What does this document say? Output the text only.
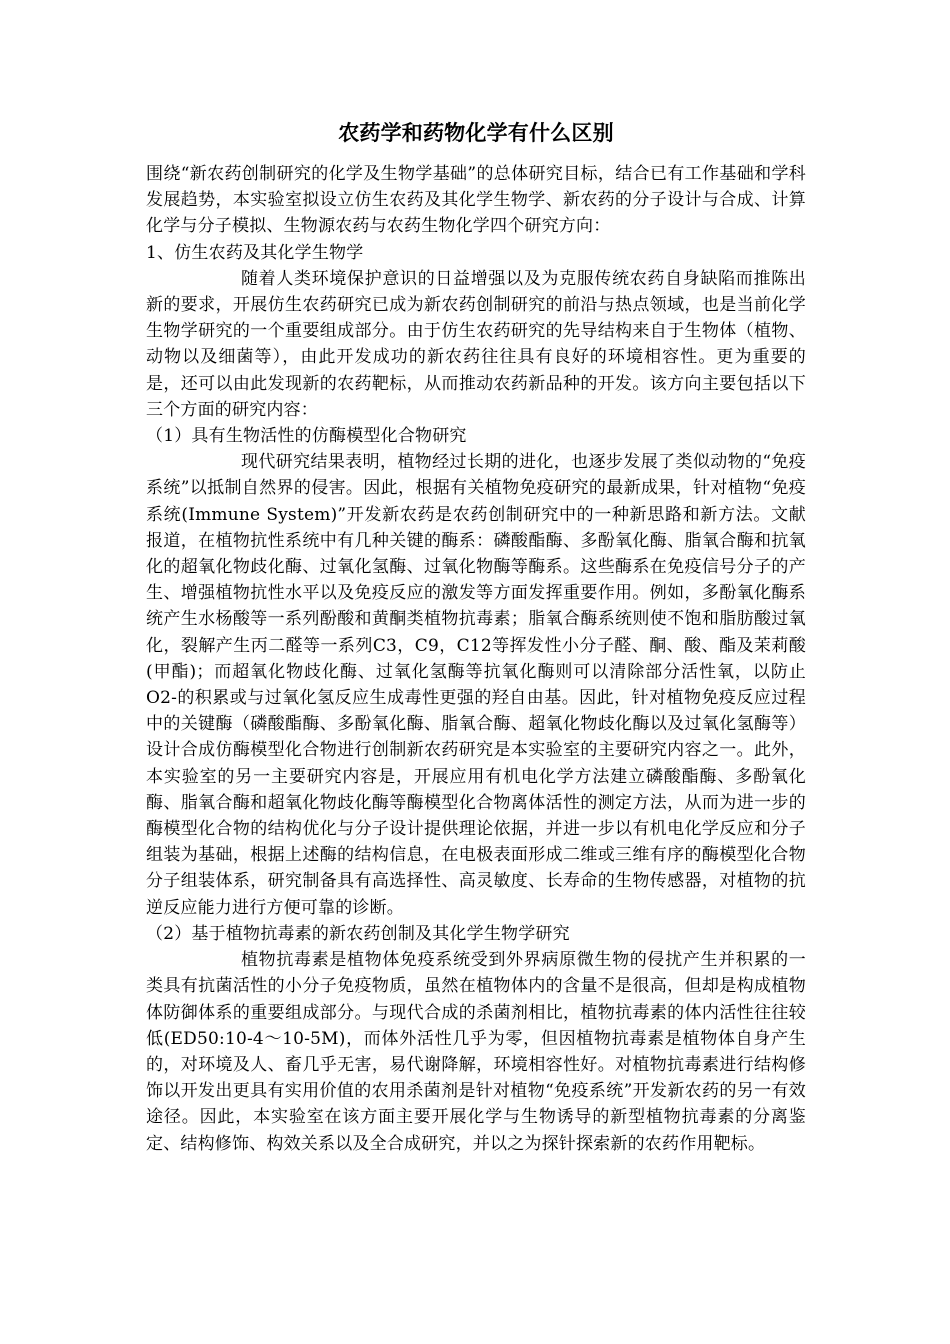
农药学和药物化学有什么区别

围绕“新农药创制研究的化学及生物学基础”的总体研究目标，结合已有工作基础和学科发展趋势，本实验室拟设立仿生农药及其化学生物学、新农药的分子设计与合成、计算化学与分子模拟、生物源农药与农药生物化学四个研究方向：

1、仿生农药及其化学生物学

随着人类环境保护意识的日益增强以及为克服传统农药自身缺陷而推陈出新的要求，开展仿生农药研究已成为新农药创制研究的前沿与热点领域，也是当前化学生物学研究的一个重要组成部分。由于仿生农药研究的先导结构来自于生物体（植物、动物以及细菌等），由此开发成功的新农药往往具有良好的环境相容性。更为重要的是，还可以由此发现新的农药靶标，从而推动农药新品种的开发。该方向主要包括以下三个方面的研究内容：

（1）具有生物活性的仿酶模型化合物研究

现代研究结果表明，植物经过长期的进化，也逐步发展了类似动物的“免疫系统”以抵制自然界的侵害。因此，根据有关植物免疫研究的最新成果，针对植物“免疫系统(Immune System)”开发新农药是农药创制研究中的一种新思路和新方法。文献报道，在植物抗性系统中有几种关键的酶系：磷酸酯酶、多酚氧化酶、脂氧合酶和抗氧化的超氧化物歧化酶、过氧化氢酶、过氧化物酶等酶系。这些酶系在免疫信号分子的产生、增强植物抗性水平以及免疫反应的激发等方面发挥重要作用。例如，多酚氧化酶系统产生水杨酸等一系列酚酸和黄酮类植物抗毒素；脂氧合酶系统则使不饱和脂肪酸过氧化，裂解产生丙二醛等一系列C3，C9，C12等挥发性小分子醛、酮、酸、酯及茉莉酸(甲酯)；而超氧化物歧化酶、过氧化氢酶等抗氧化酶则可以清除部分活性氧，以防止O2-的积累或与过氧化氢反应生成毒性更强的羟自由基。因此，针对植物免疫反应过程中的关键酶（磷酸酯酶、多酚氧化酶、脂氧合酶、超氧化物歧化酶以及过氧化氢酶等）设计合成仿酶模型化合物进行创制新农药研究是本实验室的主要研究内容之一。此外，本实验室的另一主要研究内容是，开展应用有机电化学方法建立磷酸酯酶、多酚氧化酶、脂氧合酶和超氧化物歧化酶等酶模型化合物离体活性的测定方法，从而为进一步的酶模型化合物的结构优化与分子设计提供理论依据，并进一步以有机电化学反应和分子组装为基础，根据上述酶的结构信息，在电极表面形成二维或三维有序的酶模型化合物分子组装体系，研究制备具有高选择性、高灵敏度、长寿命的生物传感器，对植物的抗逆反应能力进行方便可靠的诊断。

（2）基于植物抗毒素的新农药创制及其化学生物学研究

植物抗毒素是植物体免疫系统受到外界病原微生物的侵扰产生并积累的一类具有抗菌活性的小分子免疫物质，虽然在植物体内的含量不是很高，但却是构成植物体防御体系的重要组成部分。与现代合成的杀菌剂相比，植物抗毒素的体内活性往往较低(ED50:10-4～10-5M)，而体外活性几乎为零，但因植物抗毒素是植物体自身产生的，对环境及人、畜几乎无害，易代谢降解，环境相容性好。对植物抗毒素进行结构修饰以开发出更具有实用价值的农用杀菌剂是针对植物“免疫系统”开发新农药的另一有效途径。因此，本实验室在该方面主要开展化学与生物诱导的新型植物抗毒素的分离鉴定、结构修饰、构效关系以及全合成研究，并以之为探针探索新的农药作用靶标。
